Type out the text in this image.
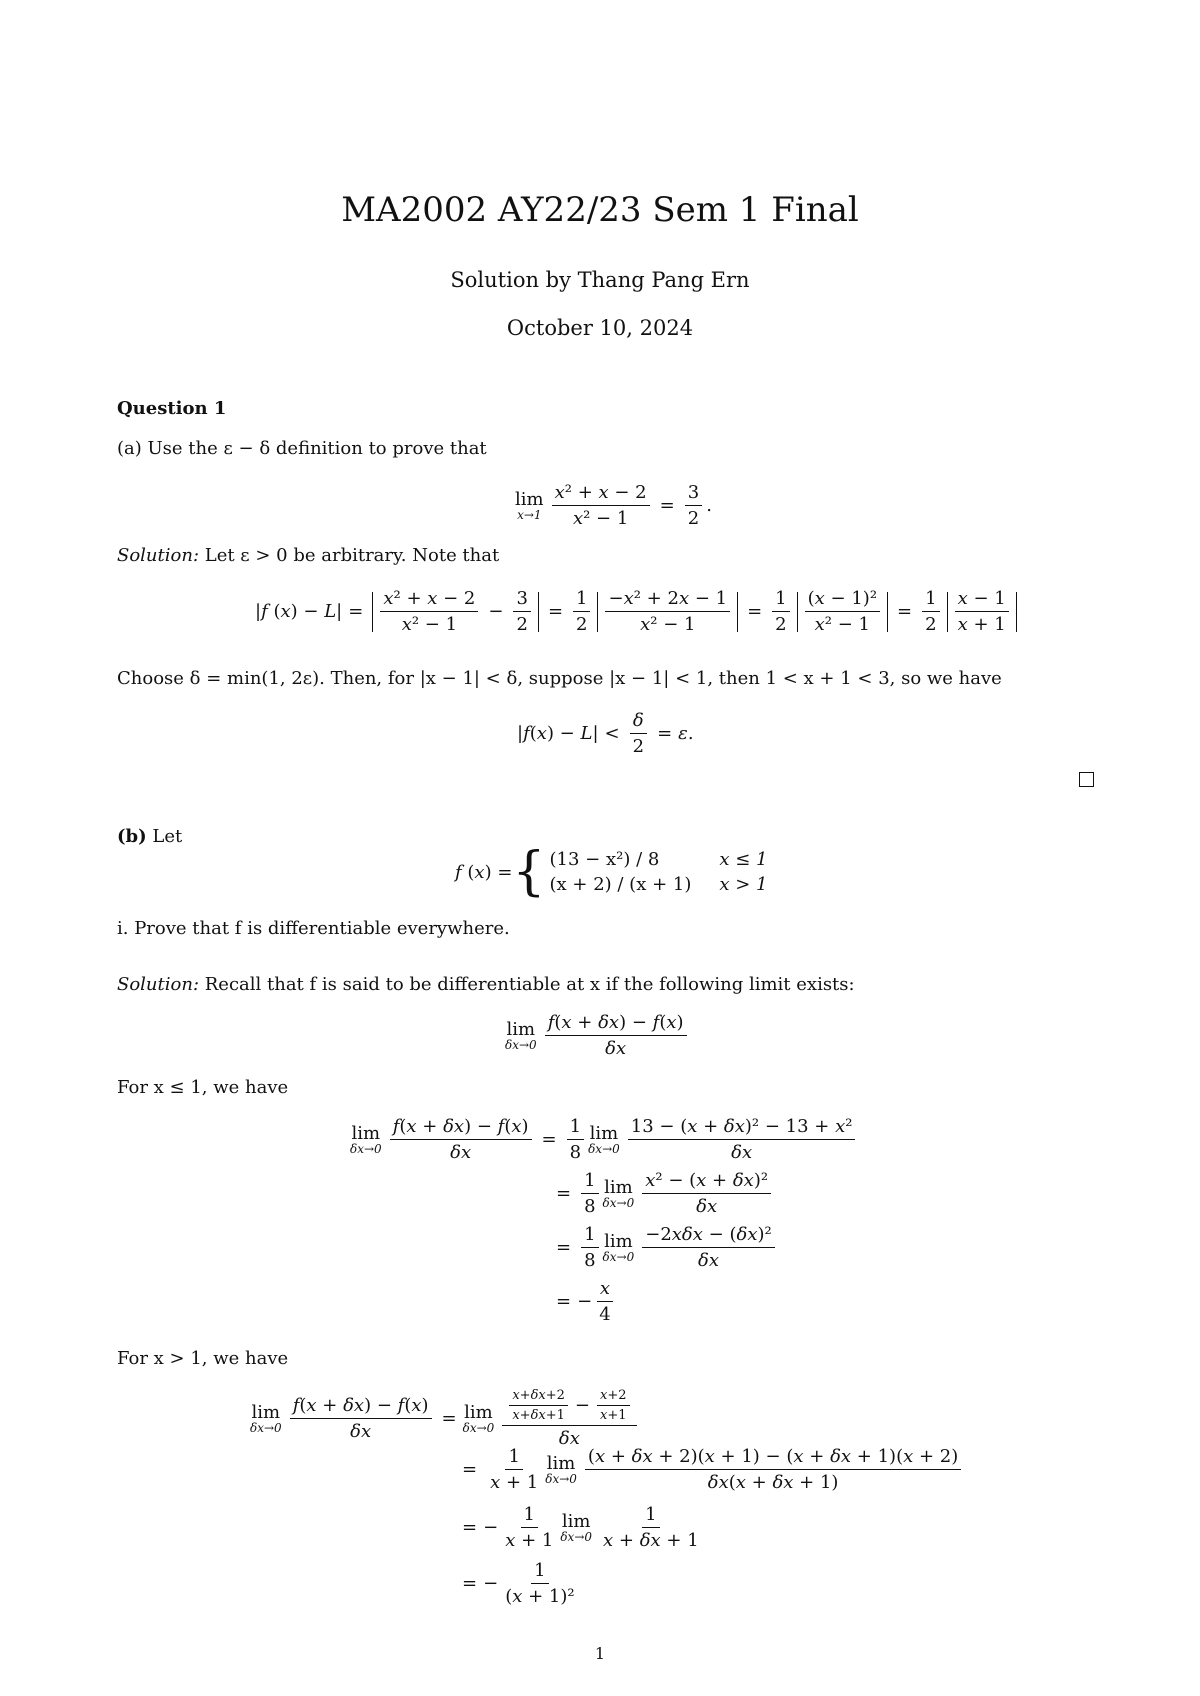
MA2002 AY22/23 Sem 1 Final
Solution by Thang Pang Ern
October 10, 2024
Question 1
(a) Use the ε − δ definition to prove that
lim
$x\to 1 \frac{\text{x² + x − 2}}{\text{x² − 1}} = \frac{3}{2}$ .
Solution: Let ε > 0 be arbitrary. Note that
|f $(x) - L| = \frac{\text{x² + x − 2}}{\text{x² − 1}} - \frac{3}{2} = \frac{1}{2} \frac{\text{−x² + 2x − 1}}{\text{x² − 1}} = \frac{1}{2} \frac{\text{(x − 1)²}}{\text{x² − 1}} = \frac{1}{2} \frac{x - 1}{x + 1}$
Choose δ = min(1, 2ε). Then, for |x − 1| < δ, suppose |x − 1| < 1, then 1 < x + 1 < 3, so we have
$|f(x) - L| < \frac{\delta}{2} = \varepsilon$.
(b) Let
f (x) = { (13 − x²) / 8	x ≤ 1
(x + 2) / (x + 1) x > 1
i. Prove that f is differentiable everywhere.
Solution: Recall that f is said to be differentiable at x if the following limit exists:
lim
$\delta x\to 0 \frac{f(x + \delta x) - f(x)}{\delta x}$
For x ≤ 1, we have
lim
$\delta x\to 0 \frac{f(x + \delta x) - f(x)}{\delta x} = \frac{1}{8}$ lim
$\delta x\to 0 \frac{\text{13 − (x + δx)² − 13 + x²}}{\delta x}$
= $\frac{1}{8}$ lim
$\delta x\to 0 \frac{\text{x² − (x + δx)²}}{\delta x}$
= $\frac{1}{8}$ lim
$\delta x\to 0 \frac{\text{−2xδx − (δx)²}}{\delta x}$
= − $\frac{x}{4}$
For x > 1, we have
lim
$\delta x\to 0 \frac{f(x + \delta x) - f(x)}{\delta x} = \lim$
$\delta x\to 0 \frac{\frac{x+\delta x+2}{x+\delta x+1} - \frac{x+2}{x+1}}{\delta x}$
= $\frac{1}{x + 1}$ lim
$\delta x\to 0 \frac{(x + \delta x + 2)(x + 1) - (x + \delta x + 1)(x + 2)}{\delta x(x + \delta x + 1)}$
= − $\frac{1}{x + 1}$ lim
$\delta x\to 0 \frac{1}{x + \delta x + 1}$
= − $\frac{1}{\text{(x + 1)²}}$
1
